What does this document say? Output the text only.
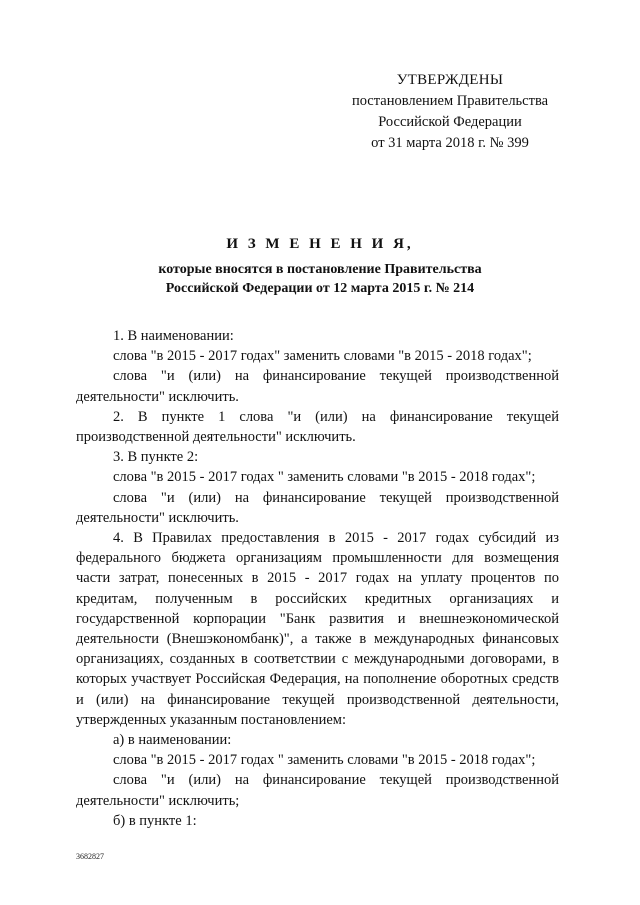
УТВЕРЖДЕНЫ
постановлением Правительства
Российской Федерации
от 31 марта 2018 г. № 399
И З М Е Н Е Н И Я,
которые вносятся в постановление Правительства
Российской Федерации от 12 марта 2015 г. № 214

1. В наименовании:

слова "в 2015 - 2017 годах" заменить словами "в 2015 - 2018 годах";

слова "и (или) на финансирование текущей производственной деятельности" исключить.

2. В пункте 1 слова "и (или) на финансирование текущей производственной деятельности" исключить.

3. В пункте 2:

слова "в 2015 - 2017 годах " заменить словами "в 2015 - 2018 годах";

слова "и (или) на финансирование текущей производственной деятельности" исключить.

4. В Правилах предоставления в 2015 - 2017 годах субсидий из федерального бюджета организациям промышленности для возмещения части затрат, понесенных в 2015 - 2017 годах на уплату процентов по кредитам, полученным в российских кредитных организациях и государственной корпорации "Банк развития и внешнеэкономической деятельности (Внешэкономбанк)", а также в международных финансовых организациях, созданных в соответствии с международными договорами, в которых участвует Российская Федерация, на пополнение оборотных средств и (или) на финансирование текущей производственной деятельности, утвержденных указанным постановлением:

а) в наименовании:

слова "в 2015 - 2017 годах " заменить словами "в 2015 - 2018 годах";

слова "и (или) на финансирование текущей производственной деятельности" исключить;

б) в пункте 1:

3682827
